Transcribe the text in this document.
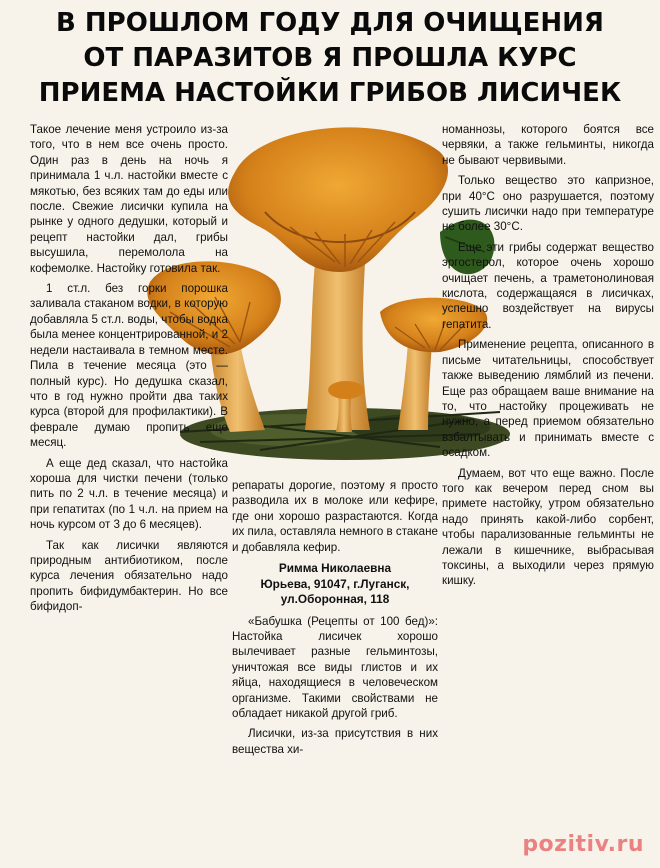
В ПРОШЛОМ ГОДУ ДЛЯ ОЧИЩЕНИЯ
ОТ ПАРАЗИТОВ Я ПРОШЛА КУРС
ПРИЕМА НАСТОЙКИ ГРИБОВ ЛИСИЧЕК

Такое лечение меня устроило из-за того, что в нем все очень просто. Один раз в день на ночь я принимала 1 ч.л. настойки вместе с мякотью, без всяких там до еды или после. Свежие лисички купила на рынке у одного дедушки, который и рецепт настойки дал, грибы высушила, перемолола на кофемолке. Настойку готовила так.

1 ст.л. без горки порошка заливала стаканом водки, в которую добавляла 5 ст.л. воды, чтобы водка была менее концентрированной, и 2 недели настаивала в темном месте. Пила в течение месяца (это — полный курс). Но дедушка сказал, что в год нужно пройти два таких курса (второй для профилактики). В феврале думаю пропить еще месяц.

А еще дед сказал, что настойка хороша для чистки печени (только пить по 2 ч.л. в течение месяца) и при гепатитах (по 1 ч.л. на прием на ночь курсом от 3 до 6 месяцев).

Так как лисички являются природным антибиотиком, после курса лечения обязательно надо пропить бифидумбактерин. Но все бифидоп-

репараты дорогие, поэтому я просто разводила их в молоке или кефире, где они хорошо разрастаются. Когда их пила, оставляла немного в стакане и добавляла кефир.

Римма Николаевна
Юрьева, 91047, г.Луганск, ул.Оборонная, 118

«Бабушка (Рецепты от 100 бед)»: Настойка лисичек хорошо вылечивает разные гельминтозы, уничтожая все виды глистов и их яйца, находящиеся в человеческом организме. Такими свойствами не обладает никакой другой гриб.

Лисички, из-за присутствия в них вещества хи-

номаннозы, которого боятся все червяки, а также гельминты, никогда не бывают червивыми.

Только вещество это капризное, при 40°С оно разрушается, поэтому сушить лисички надо при температуре не более 30°С.

Еще эти грибы содержат вещество эргостерол, которое очень хорошо очищает печень, а траметонолиновая кислота, содержащаяся в лисичках, успешно воздействует на вирусы гепатита.

Применение рецепта, описанного в письме читательницы, способствует также выведению лямблий из печени. Еще раз обращаем ваше внимание на то, что настойку процеживать не нужно, а перед приемом обязательно взбалтывать и принимать вместе с осадком.

Думаем, вот что еще важно. После того как вечером перед сном вы примете настойку, утром обязательно надо принять какой-либо сорбент, чтобы парализованные гельминты не лежали в кишечнике, выбрасывая токсины, а выходили через прямую кишку.

pozitiv.ru
